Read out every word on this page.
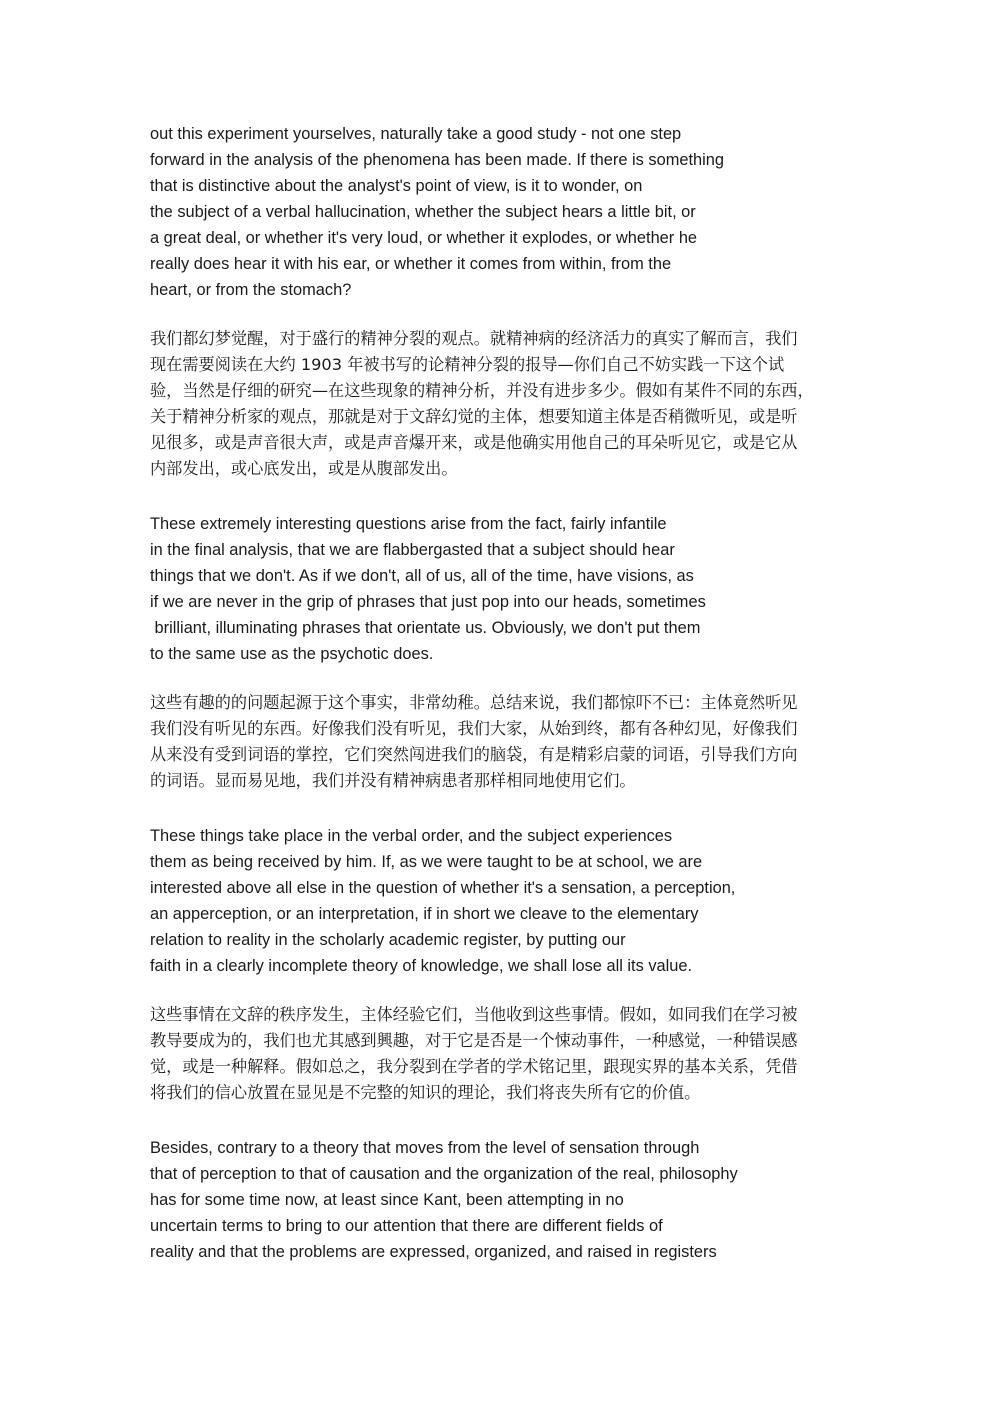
out this experiment yourselves, naturally take a good study - not one step
forward in the analysis of the phenomena has been made. If there is something
that is distinctive about the analyst's point of view, is it to wonder, on
the subject of a verbal hallucination, whether the subject hears a little bit, or
a great deal, or whether it's very loud, or whether it explodes, or whether he
really does hear it with his ear, or whether it comes from within, from the
heart, or from the stomach?

我们都幻梦觉醒，对于盛行的精神分裂的观点。就精神病的经济活力的真实了解而言，我们
现在需要阅读在大约 1903 年被书写的论精神分裂的报导—你们自己不妨实践一下这个试
验，当然是仔细的研究—在这些现象的精神分析，并没有进步多少。假如有某件不同的东西，
关于精神分析家的观点，那就是对于文辞幻觉的主体，想要知道主体是否稍微听见，或是听
见很多，或是声音很大声，或是声音爆开来，或是他确实用他自己的耳朵听见它，或是它从
内部发出，或心底发出，或是从腹部发出。

These extremely interesting questions arise from the fact, fairly infantile
in the final analysis, that we are flabbergasted that a subject should hear
things that we don't. As if we don't, all of us, all of the time, have visions, as
if we are never in the grip of phrases that just pop into our heads, sometimes
brilliant, illuminating phrases that orientate us. Obviously, we don't put them
to the same use as the psychotic does.

这些有趣的的问题起源于这个事实，非常幼稚。总结来说，我们都惊吓不已：主体竟然听见
我们没有听见的东西。好像我们没有听见，我们大家，从始到终，都有各种幻见，好像我们
从来没有受到词语的掌控，它们突然闯进我们的脑袋，有是精彩启蒙的词语，引导我们方向
的词语。显而易见地，我们并没有精神病患者那样相同地使用它们。

These things take place in the verbal order, and the subject experiences
them as being received by him. If, as we were taught to be at school, we are
interested above all else in the question of whether it's a sensation, a perception,
an apperception, or an interpretation, if in short we cleave to the elementary
relation to reality in the scholarly academic register, by putting our
faith in a clearly incomplete theory of knowledge, we shall lose all its value.

这些事情在文辞的秩序发生，主体经验它们，当他收到这些事情。假如，如同我们在学习被
教导要成为的，我们也尤其感到興趣，对于它是否是一个悚动事件，一种感觉，一种错误感
觉，或是一种解释。假如总之，我分裂到在学者的学术铭记里，跟现实界的基本关系，凭借
将我们的信心放置在显见是不完整的知识的理论，我们将丧失所有它的价值。

Besides, contrary to a theory that moves from the level of sensation through
that of perception to that of causation and the organization of the real, philosophy
has for some time now, at least since Kant, been attempting in no
uncertain terms to bring to our attention that there are different fields of
reality and that the problems are expressed, organized, and raised in registers
